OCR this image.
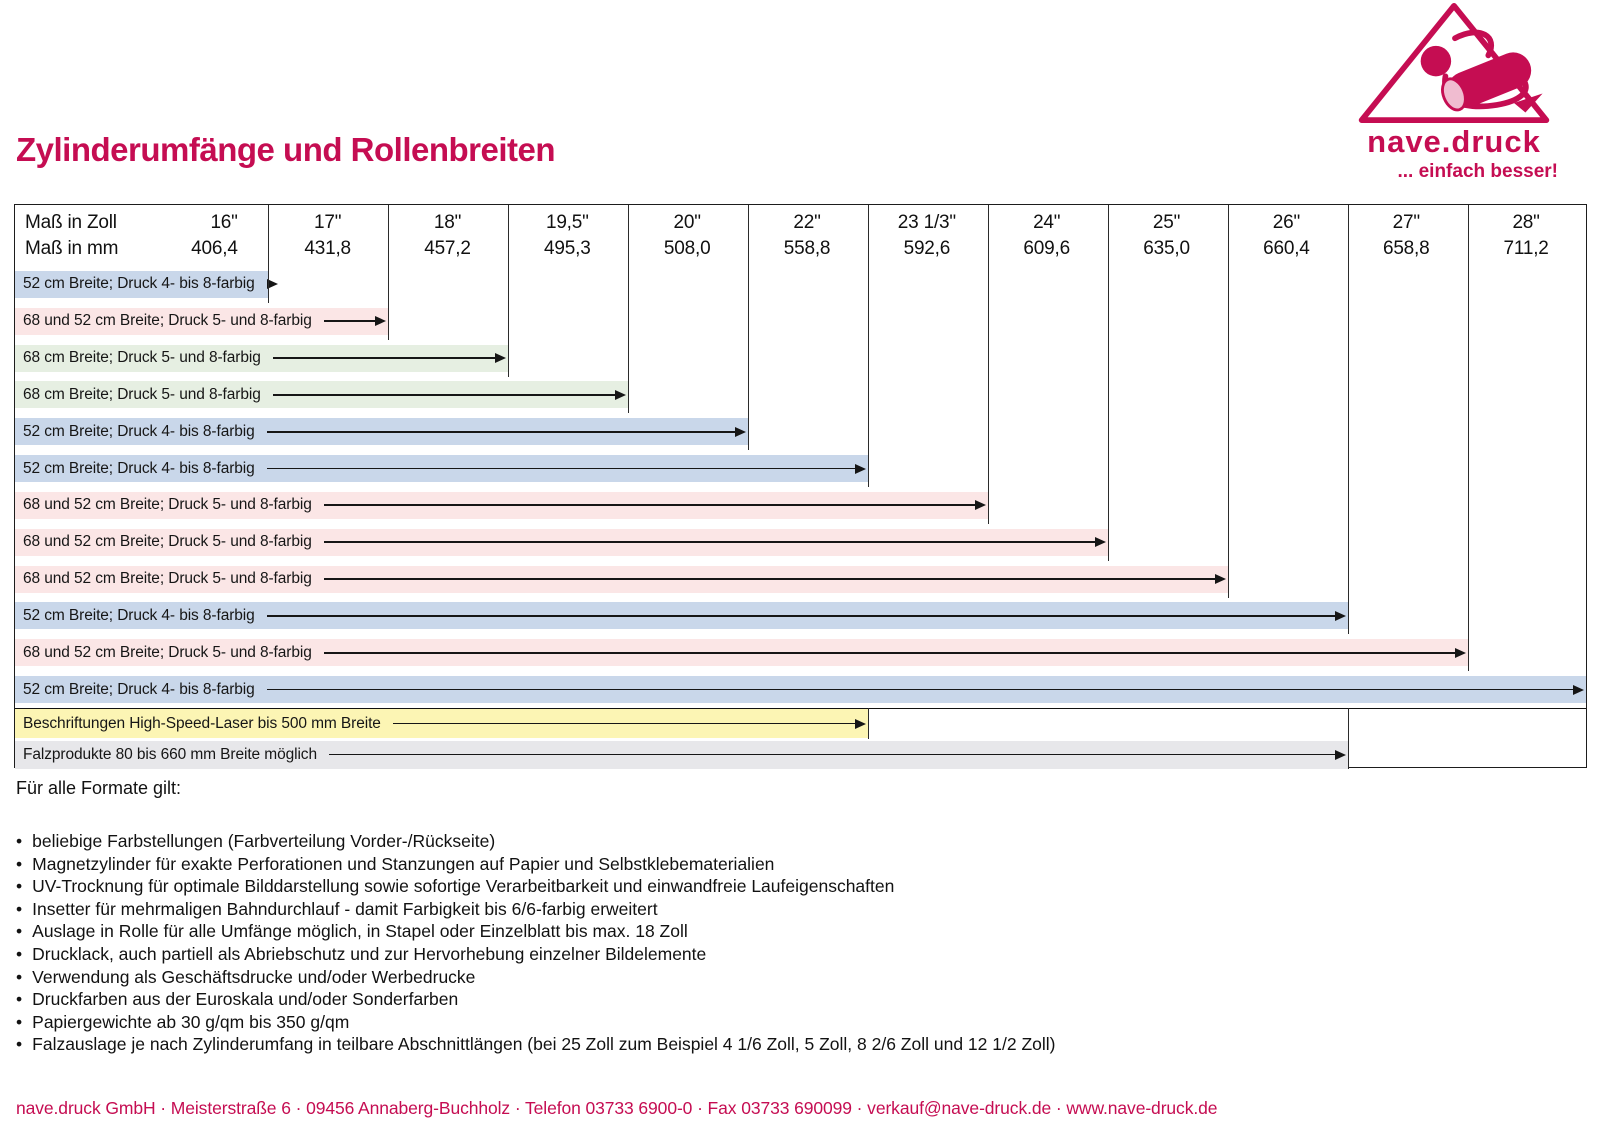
Zylinderumfänge und Rollenbreiten	nave.druck
... einfach besser!
Maß in Zoll
Maß in mm
16"
406,4
17"
431,8
18"
457,2
19,5"
495,3
20"
508,0
22"
558,8
23 1/3"
592,6
24"
609,6
25"
635,0
26"
660,4
27"
658,8
28"
711,2
52 cm Breite; Druck 4- bis 8-farbig
68 und 52 cm Breite; Druck 5- und 8-farbig
68 cm Breite; Druck 5- und 8-farbig
68 cm Breite; Druck 5- und 8-farbig
52 cm Breite; Druck 4- bis 8-farbig
52 cm Breite; Druck 4- bis 8-farbig
68 und 52 cm Breite; Druck 5- und 8-farbig
68 und 52 cm Breite; Druck 5- und 8-farbig
68 und 52 cm Breite; Druck 5- und 8-farbig
52 cm Breite; Druck 4- bis 8-farbig
68 und 52 cm Breite; Druck 5- und 8-farbig
52 cm Breite; Druck 4- bis 8-farbig
Beschriftungen High-Speed-Laser bis 500 mm Breite
Falzprodukte 80 bis 660 mm Breite möglich
Für alle Formate gilt:
• beliebige Farbstellungen (Farbverteilung Vorder-/Rückseite)
• Magnetzylinder für exakte Perforationen und Stanzungen auf Papier und Selbstklebematerialien
• UV-Trocknung für optimale Bilddarstellung sowie sofortige Verarbeitbarkeit und einwandfreie Laufeigenschaften
• Insetter für mehrmaligen Bahndurchlauf - damit Farbigkeit bis 6/6-farbig erweitert
• Auslage in Rolle für alle Umfänge möglich, in Stapel oder Einzelblatt bis max. 18 Zoll
• Drucklack, auch partiell als Abriebschutz und zur Hervorhebung einzelner Bildelemente
• Verwendung als Geschäftsdrucke und/oder Werbedrucke
• Druckfarben aus der Euroskala und/oder Sonderfarben
• Papiergewichte ab 30 g/qm bis 350 g/qm
• Falzauslage je nach Zylinderumfang in teilbare Abschnittlängen (bei 25 Zoll zum Beispiel 4 1/6 Zoll, 5 Zoll, 8 2/6 Zoll und 12 1/2 Zoll)
nave.druck GmbH · Meisterstraße 6 · 09456 Annaberg-Buchholz · Telefon 03733 6900-0 · Fax 03733 690099 · verkauf@nave-druck.de · www.nave-druck.de
